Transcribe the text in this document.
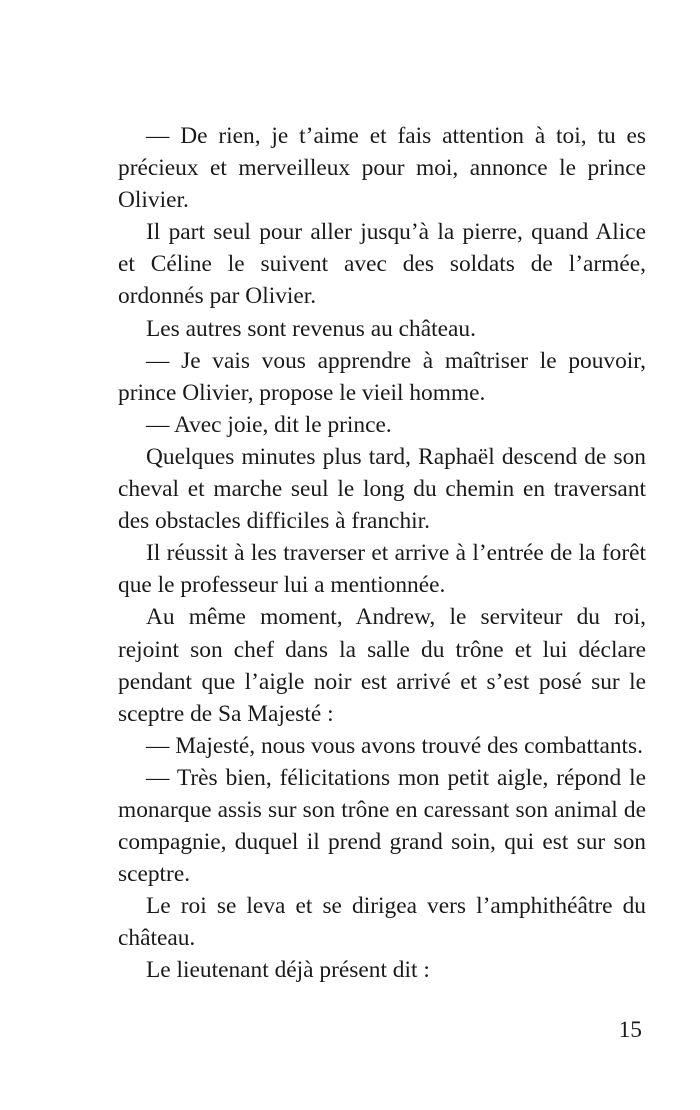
— De rien, je t’aime et fais attention à toi, tu es précieux et merveilleux pour moi, annonce le prince Olivier.

Il part seul pour aller jusqu’à la pierre, quand Alice et Céline le suivent avec des soldats de l’armée, ordonnés par Olivier.

Les autres sont revenus au château.

— Je vais vous apprendre à maîtriser le pouvoir, prince Olivier, propose le vieil homme.

— Avec joie, dit le prince.

Quelques minutes plus tard, Raphaël descend de son cheval et marche seul le long du chemin en traversant des obstacles difficiles à franchir.

Il réussit à les traverser et arrive à l’entrée de la forêt que le professeur lui a mentionnée.

Au même moment, Andrew, le serviteur du roi, rejoint son chef dans la salle du trône et lui déclare pendant que l’aigle noir est arrivé et s’est posé sur le sceptre de Sa Majesté :

— Majesté, nous vous avons trouvé des combattants.

— Très bien, félicitations mon petit aigle, répond le monarque assis sur son trône en caressant son animal de compagnie, duquel il prend grand soin, qui est sur son sceptre.

Le roi se leva et se dirigea vers l’amphithéâtre du château.

Le lieutenant déjà présent dit :

15
